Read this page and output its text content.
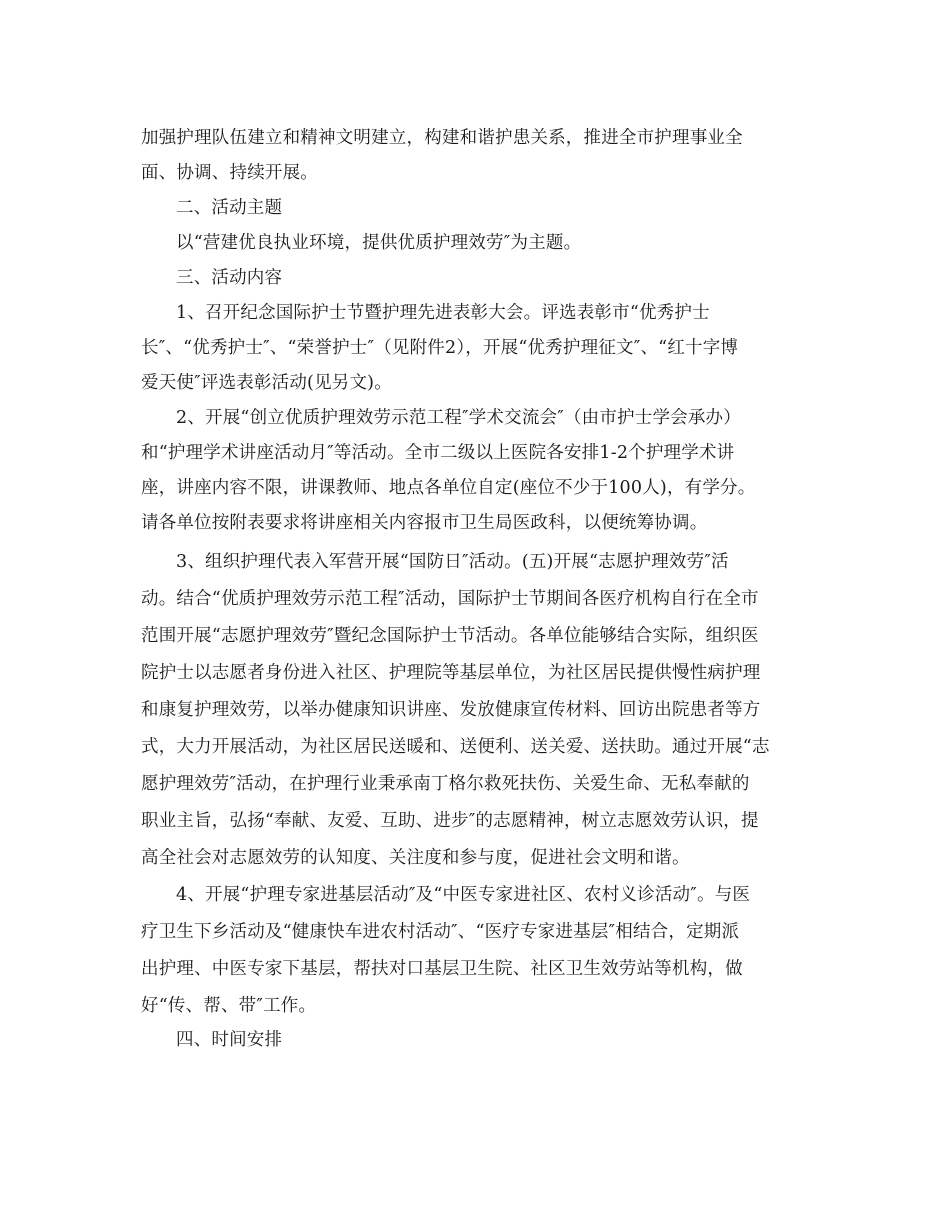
加强护理队伍建立和精神文明建立，构建和谐护患关系，推进全市护理事业全
面、协调、持续开展。
二、活动主题
以“营建优良执业环境，提供优质护理效劳″为主题。
三、活动内容
1、召开纪念国际护士节暨护理先进表彰大会。评选表彰市“优秀护士
长″、“优秀护士″、“荣誉护士″（见附件2），开展“优秀护理征文″、“红十字博
爱天使″评选表彰活动(见另文)。
2、开展“创立优质护理效劳示范工程″学术交流会″（由市护士学会承办）
和“护理学术讲座活动月″等活动。全市二级以上医院各安排1-2个护理学术讲
座，讲座内容不限，讲课教师、地点各单位自定(座位不少于100人)，有学分。
请各单位按附表要求将讲座相关内容报市卫生局医政科，以便统筹协调。
3、组织护理代表入军营开展“国防日″活动。(五)开展“志愿护理效劳″活
动。结合“优质护理效劳示范工程″活动，国际护士节期间各医疗机构自行在全市
范围开展“志愿护理效劳″暨纪念国际护士节活动。各单位能够结合实际，组织医
院护士以志愿者身份进入社区、护理院等基层单位，为社区居民提供慢性病护理
和康复护理效劳，以举办健康知识讲座、发放健康宣传材料、回访出院患者等方
式，大力开展活动，为社区居民送暖和、送便利、送关爱、送扶助。通过开展“志
愿护理效劳″活动，在护理行业秉承南丁格尔救死扶伤、关爱生命、无私奉献的
职业主旨，弘扬“奉献、友爱、互助、进步″的志愿精神，树立志愿效劳认识，提
高全社会对志愿效劳的认知度、关注度和参与度，促进社会文明和谐。
4、开展“护理专家进基层活动″及“中医专家进社区、农村义诊活动″。与医
疗卫生下乡活动及“健康快车进农村活动″、“医疗专家进基层″相结合，定期派
出护理、中医专家下基层，帮扶对口基层卫生院、社区卫生效劳站等机构，做
好“传、帮、带″工作。
四、时间安排
